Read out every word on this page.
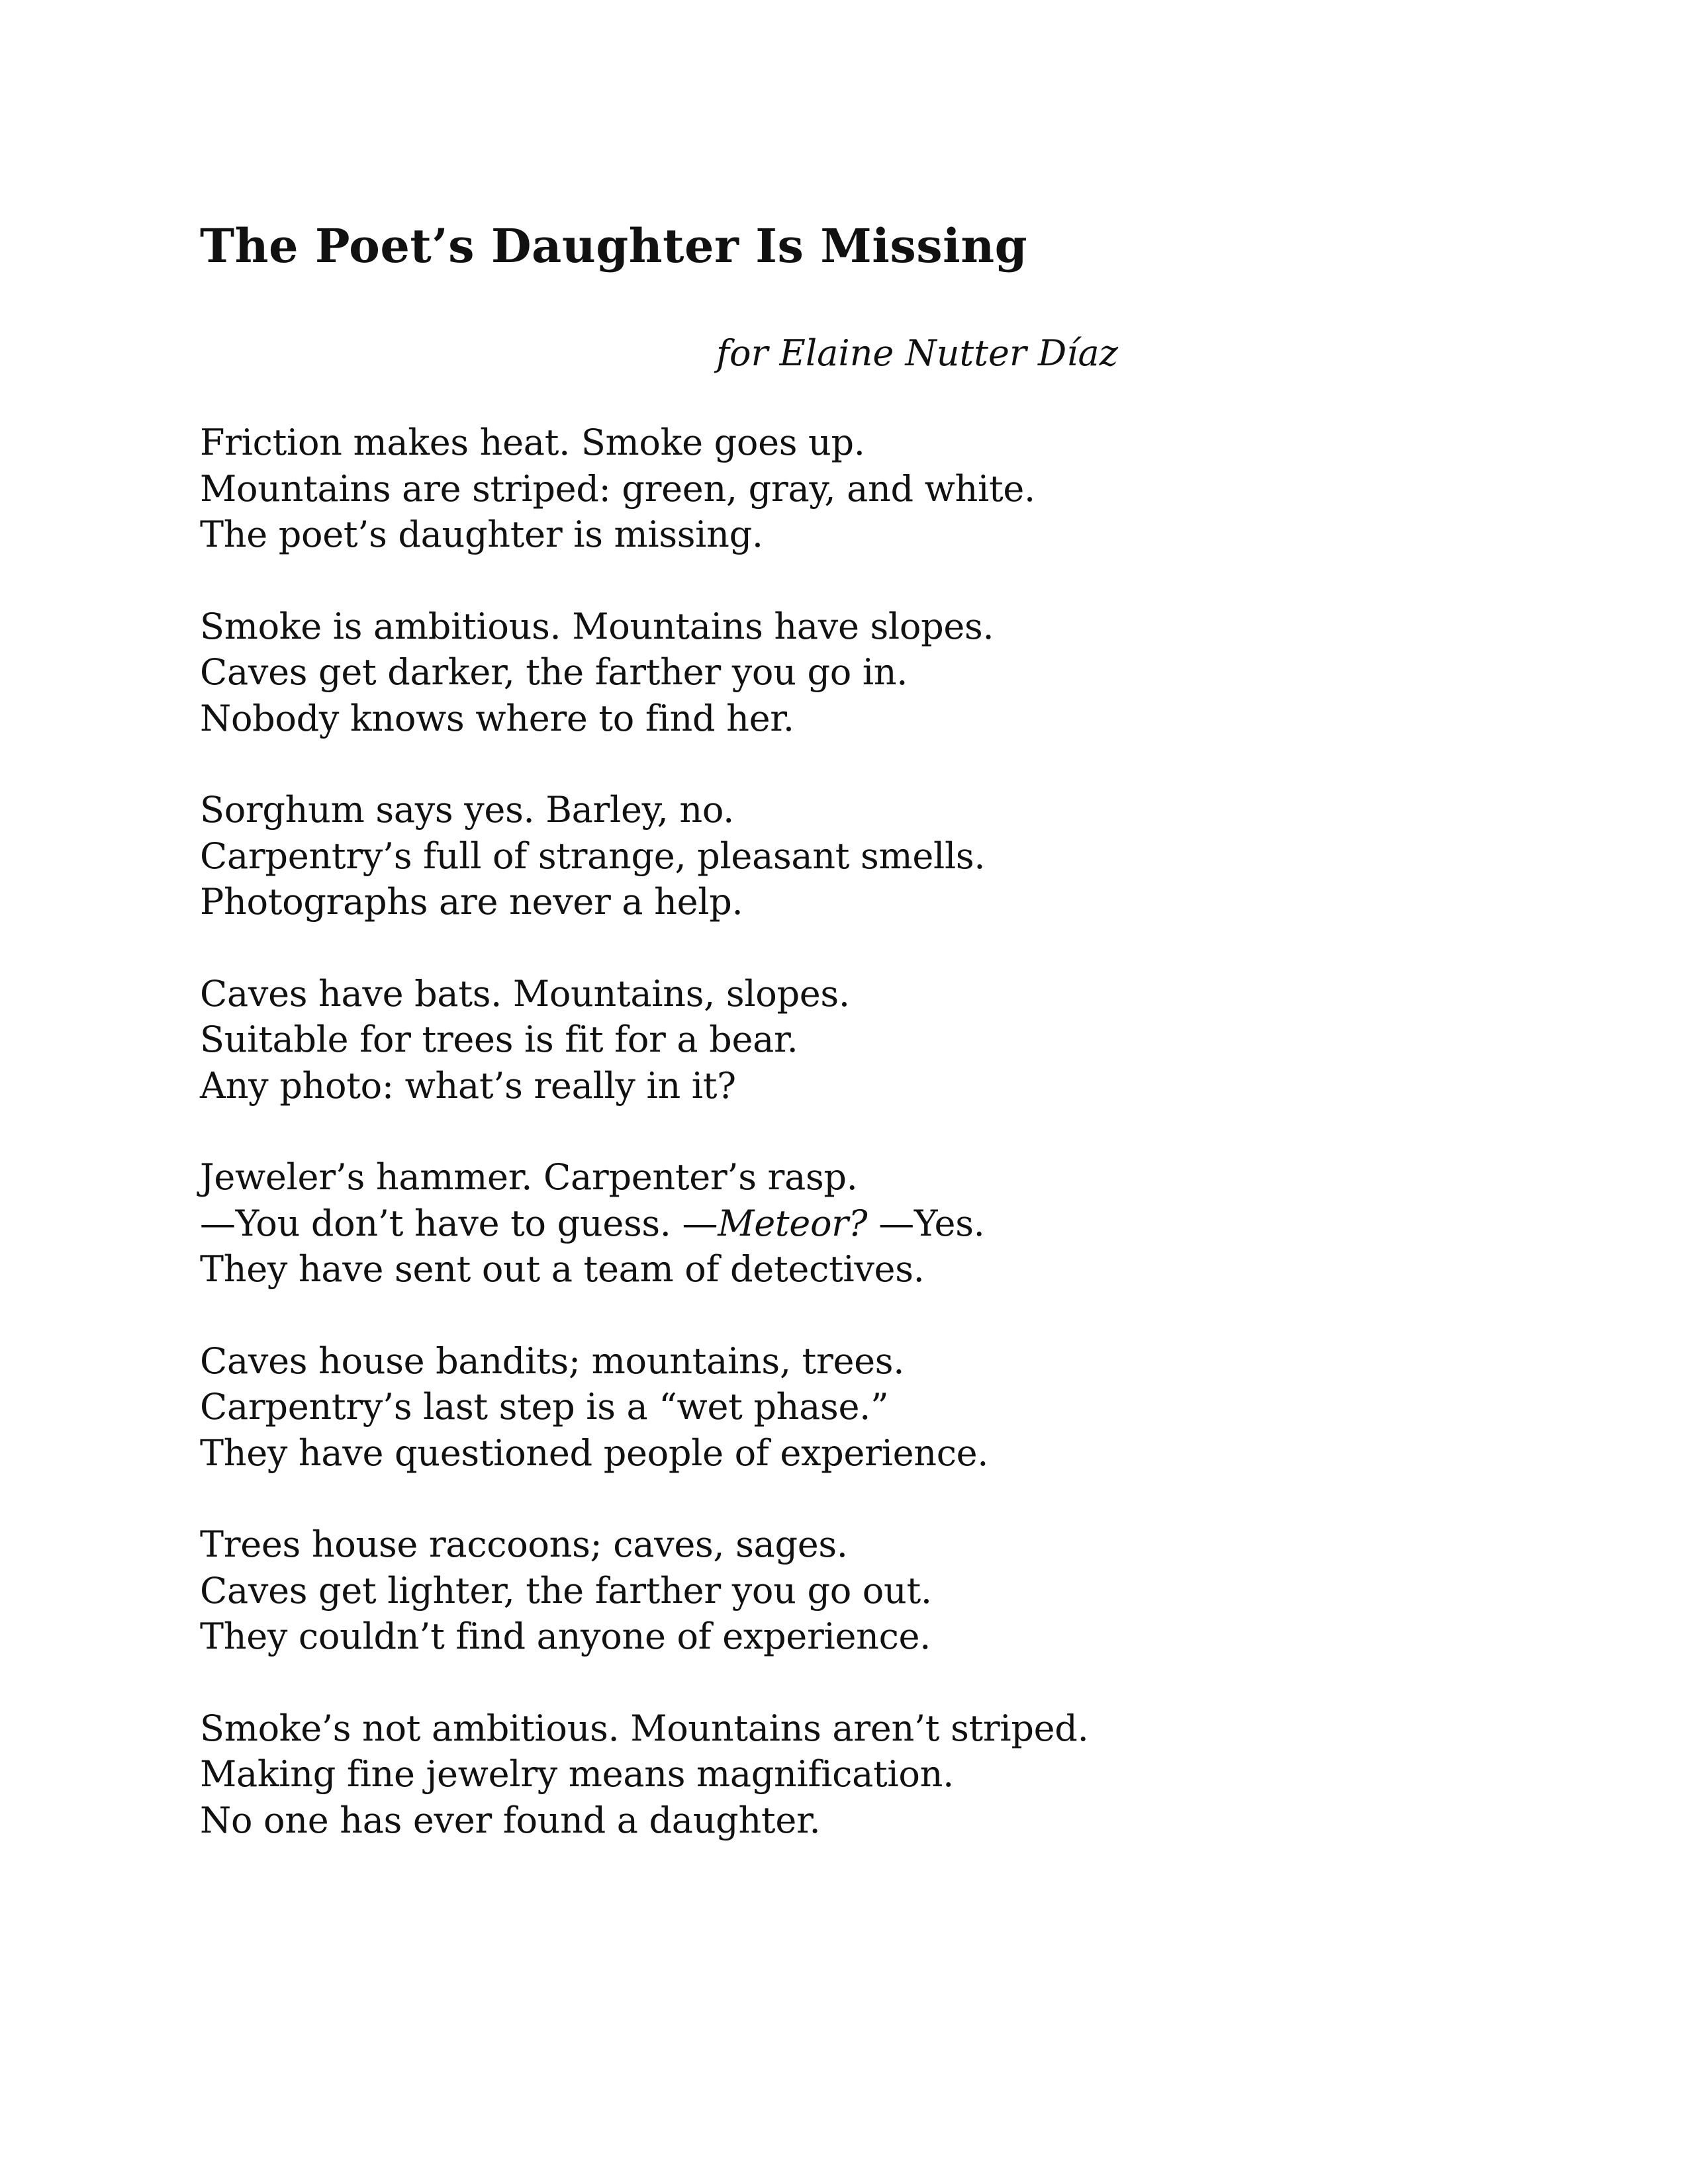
The Poet’s Daughter Is Missing

for Elaine Nutter Díaz

Friction makes heat. Smoke goes up.
Mountains are striped: green, gray, and white.
The poet’s daughter is missing.
Smoke is ambitious. Mountains have slopes.
Caves get darker, the farther you go in.
Nobody knows where to find her.
Sorghum says yes. Barley, no.
Carpentry’s full of strange, pleasant smells.
Photographs are never a help.
Caves have bats. Mountains, slopes.
Suitable for trees is fit for a bear.
Any photo: what’s really in it?
Jeweler’s hammer. Carpenter’s rasp.
—You don’t have to guess. —Meteor? —Yes.
They have sent out a team of detectives.
Caves house bandits; mountains, trees.
Carpentry’s last step is a “wet phase.”
They have questioned people of experience.
Trees house raccoons; caves, sages.
Caves get lighter, the farther you go out.
They couldn’t find anyone of experience.
Smoke’s not ambitious. Mountains aren’t striped.
Making fine jewelry means magnification.
No one has ever found a daughter.
